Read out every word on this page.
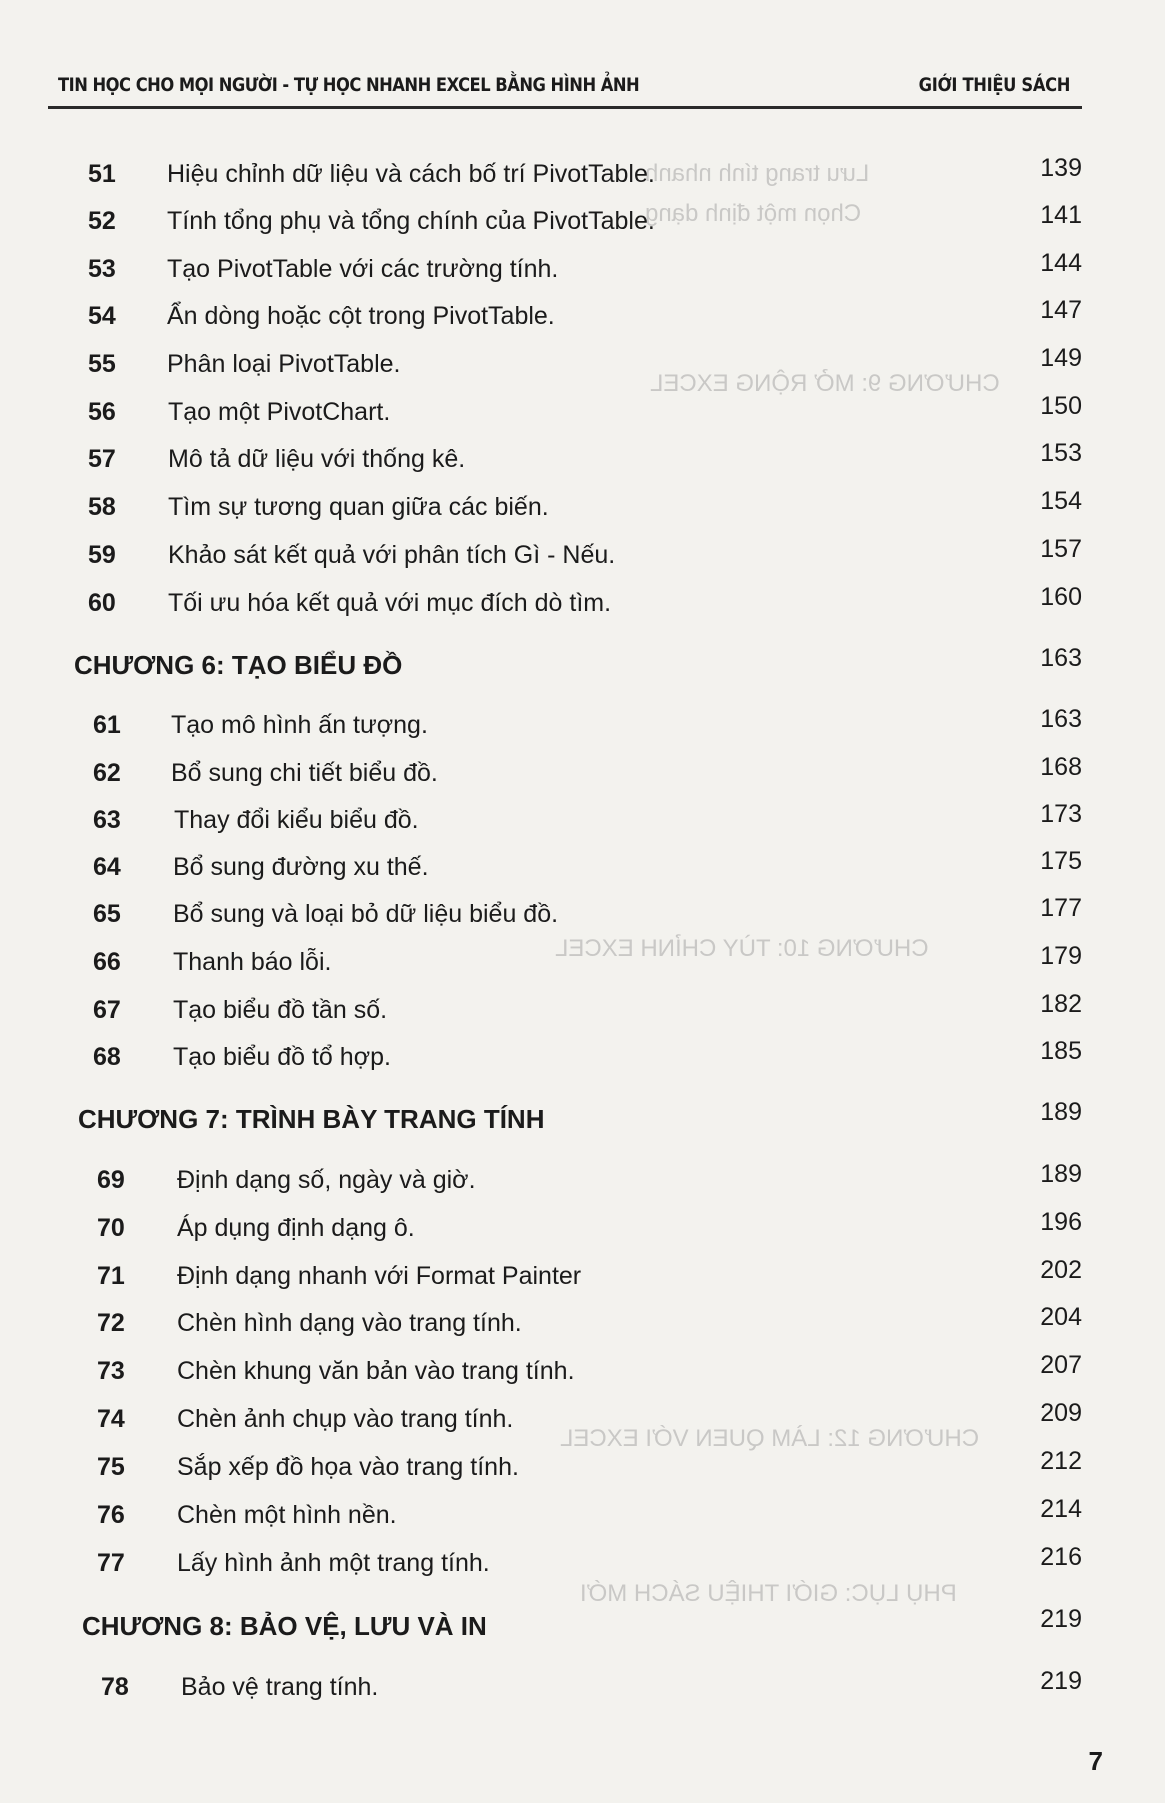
Lưu trang tính nhanh
Chọn một định dạng
CHƯƠNG 9: MỞ RỘNG EXCEL
CHƯƠNG 10: TÙY CHỈNH EXCEL
CHƯƠNG 12: LÀM QUEN VỚI EXCEL
PHỤ LỤC: GIỚI THIỆU SÁCH MỚI
TIN HỌC CHO MỌI NGƯỜI - TỰ HỌC NHANH EXCEL BẰNG HÌNH ẢNH	GIỚI THIỆU SÁCH
51 Hiệu chỉnh dữ liệu và cách bố trí PivotTable.	139
52 Tính tổng phụ và tổng chính của PivotTable.	141
53 Tạo PivotTable với các trường tính.	144
54 Ẩn dòng hoặc cột trong PivotTable.	147
55 Phân loại PivotTable.	149
56 Tạo một PivotChart.	150
57 Mô tả dữ liệu với thống kê.	153
58 Tìm sự tương quan giữa các biến.	154
59 Khảo sát kết quả với phân tích Gì - Nếu.	157
60 Tối ưu hóa kết quả với mục đích dò tìm.	160
CHƯƠNG 6: TẠO BIỂU ĐỒ	163
61 Tạo mô hình ấn tượng.	163
62 Bổ sung chi tiết biểu đồ.	168
63 Thay đổi kiểu biểu đồ.	173
64 Bổ sung đường xu thế.	175
65 Bổ sung và loại bỏ dữ liệu biểu đồ.	177
66 Thanh báo lỗi.	179
67 Tạo biểu đồ tần số.	182
68 Tạo biểu đồ tổ hợp.	185
CHƯƠNG 7: TRÌNH BÀY TRANG TÍNH	189
69 Định dạng số, ngày và giờ.	189
70 Áp dụng định dạng ô.	196
71 Định dạng nhanh với Format Painter	202
72 Chèn hình dạng vào trang tính.	204
73 Chèn khung văn bản vào trang tính.	207
74 Chèn ảnh chụp vào trang tính.	209
75 Sắp xếp đồ họa vào trang tính.	212
76 Chèn một hình nền.	214
77 Lấy hình ảnh một trang tính.	216
CHƯƠNG 8: BẢO VỆ, LƯU VÀ IN	219
78 Bảo vệ trang tính.	219
7
